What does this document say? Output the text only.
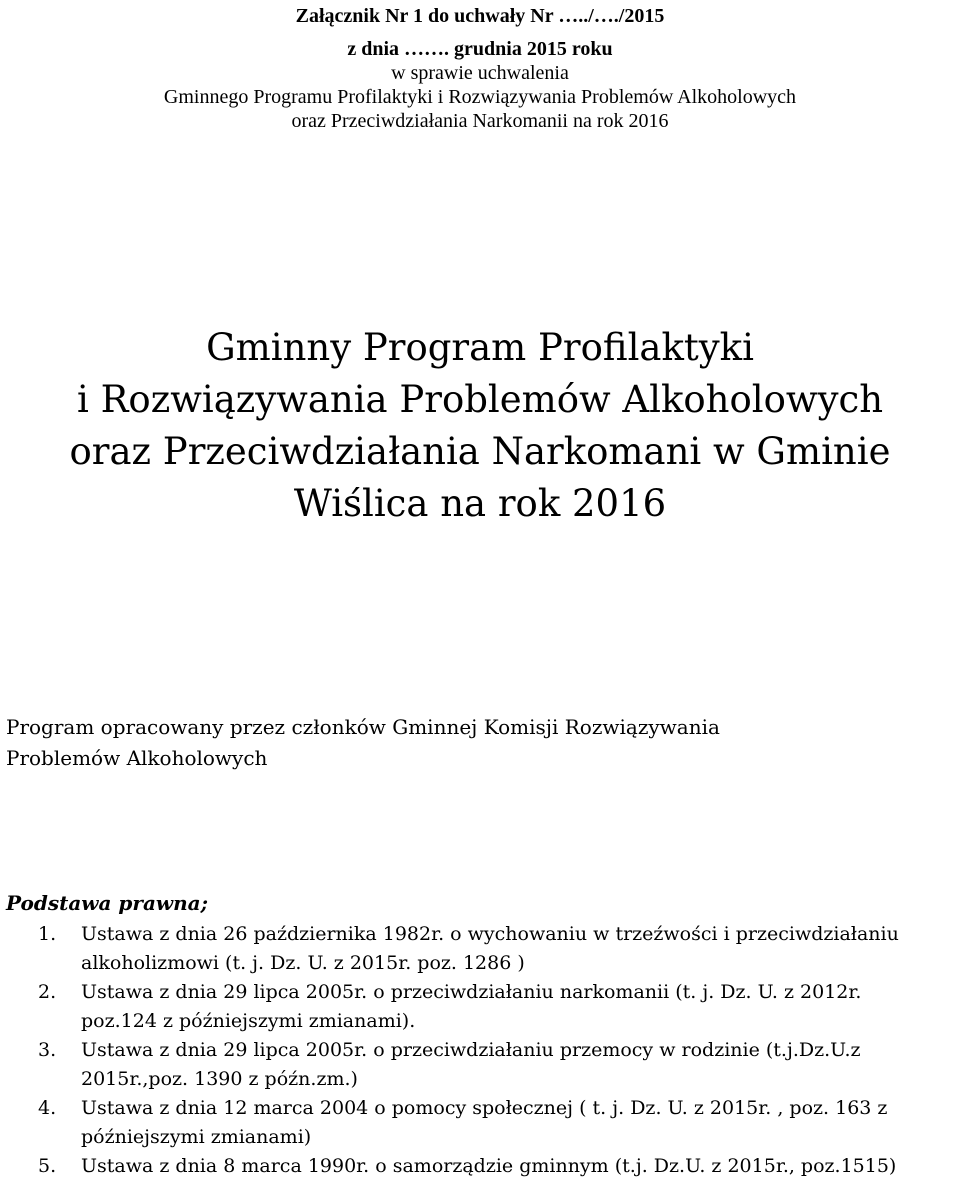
Załącznik Nr 1 do uchwały Nr …../…./2015
z dnia ……. grudnia 2015 roku
w sprawie uchwalenia
Gminnego Programu Profilaktyki i Rozwiązywania Problemów Alkoholowych
oraz Przeciwdziałania Narkomanii na rok 2016
Gminny Program Profilaktyki
i Rozwiązywania Problemów Alkoholowych
oraz Przeciwdziałania Narkomani w Gminie
Wiślica na rok 2016
Program opracowany przez członków Gminnej Komisji Rozwiązywania
Problemów Alkoholowych
Podstawa prawna;
1. Ustawa z dnia 26 października 1982r. o wychowaniu w trzeźwości i przeciwdziałaniu
alkoholizmowi (t. j. Dz. U. z 2015r. poz. 1286 )
2. Ustawa z dnia 29 lipca 2005r. o przeciwdziałaniu narkomanii (t. j. Dz. U. z 2012r.
poz.124 z późniejszymi zmianami).
3. Ustawa z dnia 29 lipca 2005r. o przeciwdziałaniu przemocy w rodzinie (t.j.Dz.U.z
2015r.,poz. 1390 z późn.zm.)
4. Ustawa z dnia 12 marca 2004 o pomocy społecznej ( t. j. Dz. U. z 2015r. , poz. 163 z
późniejszymi zmianami)
5. Ustawa z dnia 8 marca 1990r. o samorządzie gminnym (t.j. Dz.U. z 2015r., poz.1515)
